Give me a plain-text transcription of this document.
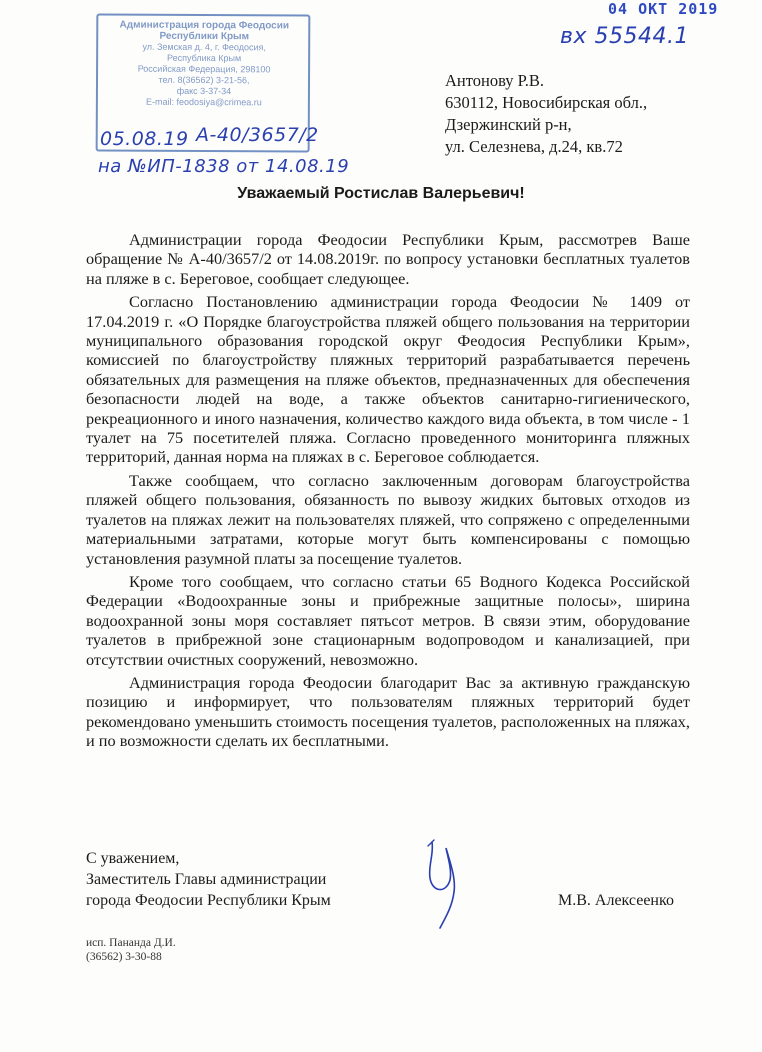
Администрация города Феодосии
Республики Крым
ул. Земская д. 4, г. Феодосия,
Республика Крым
Российская Федерация, 298100
тел. 8(36562) 3-21-56,
факс 3-37-34
E-mail: feodosiya@crimea.ru
05.08.19 А-40/3657/2
на №ИП-1838 от 14.08.19
вх 55544.1
04 ОКТ 2019
Антонову Р.В.
630112, Новосибирская обл.,
Дзержинский р-н,
ул. Селезнева, д.24, кв.72
Уважаемый Ростислав Валерьевич!

Администрации города Феодосии Республики Крым, рассмотрев Ваше обращение № А-40/3657/2 от 14.08.2019г. по вопросу установки бесплатных туалетов на пляже в с. Береговое, сообщает следующее.

Согласно Постановлению администрации города Феодосии № 1409 от 17.04.2019 г. «О Порядке благоустройства пляжей общего пользования на территории муниципального образования городской округ Феодосия Республики Крым», комиссией по благоустройству пляжных территорий разрабатывается перечень обязательных для размещения на пляже объектов, предназначенных для обеспечения безопасности людей на воде, а также объектов санитарно-гигиенического, рекреационного и иного назначения, количество каждого вида объекта, в том числе - 1 туалет на 75 посетителей пляжа. Согласно проведенного мониторинга пляжных территорий, данная норма на пляжах в с. Береговое соблюдается.

Также сообщаем, что согласно заключенным договорам благоустройства пляжей общего пользования, обязанность по вывозу жидких бытовых отходов из туалетов на пляжах лежит на пользователях пляжей, что сопряжено с определенными материальными затратами, которые могут быть компенсированы с помощью установления разумной платы за посещение туалетов.

Кроме того сообщаем, что согласно статьи 65 Водного Кодекса Российской Федерации «Водоохранные зоны и прибрежные защитные полосы», ширина водоохранной зоны моря составляет пятьсот метров. В связи этим, оборудование туалетов в прибрежной зоне стационарным водопроводом и канализацией, при отсутствии очистных сооружений, невозможно.

Администрация города Феодосии благодарит Вас за активную гражданскую позицию и информирует, что пользователям пляжных территорий будет рекомендовано уменьшить стоимость посещения туалетов, расположенных на пляжах, и по возможности сделать их бесплатными.

С уважением,
Заместитель Главы администрации
города Феодосии Республики Крым	М.В. Алексеенко
исп. Пананда Д.И.
(36562) 3-30-88
